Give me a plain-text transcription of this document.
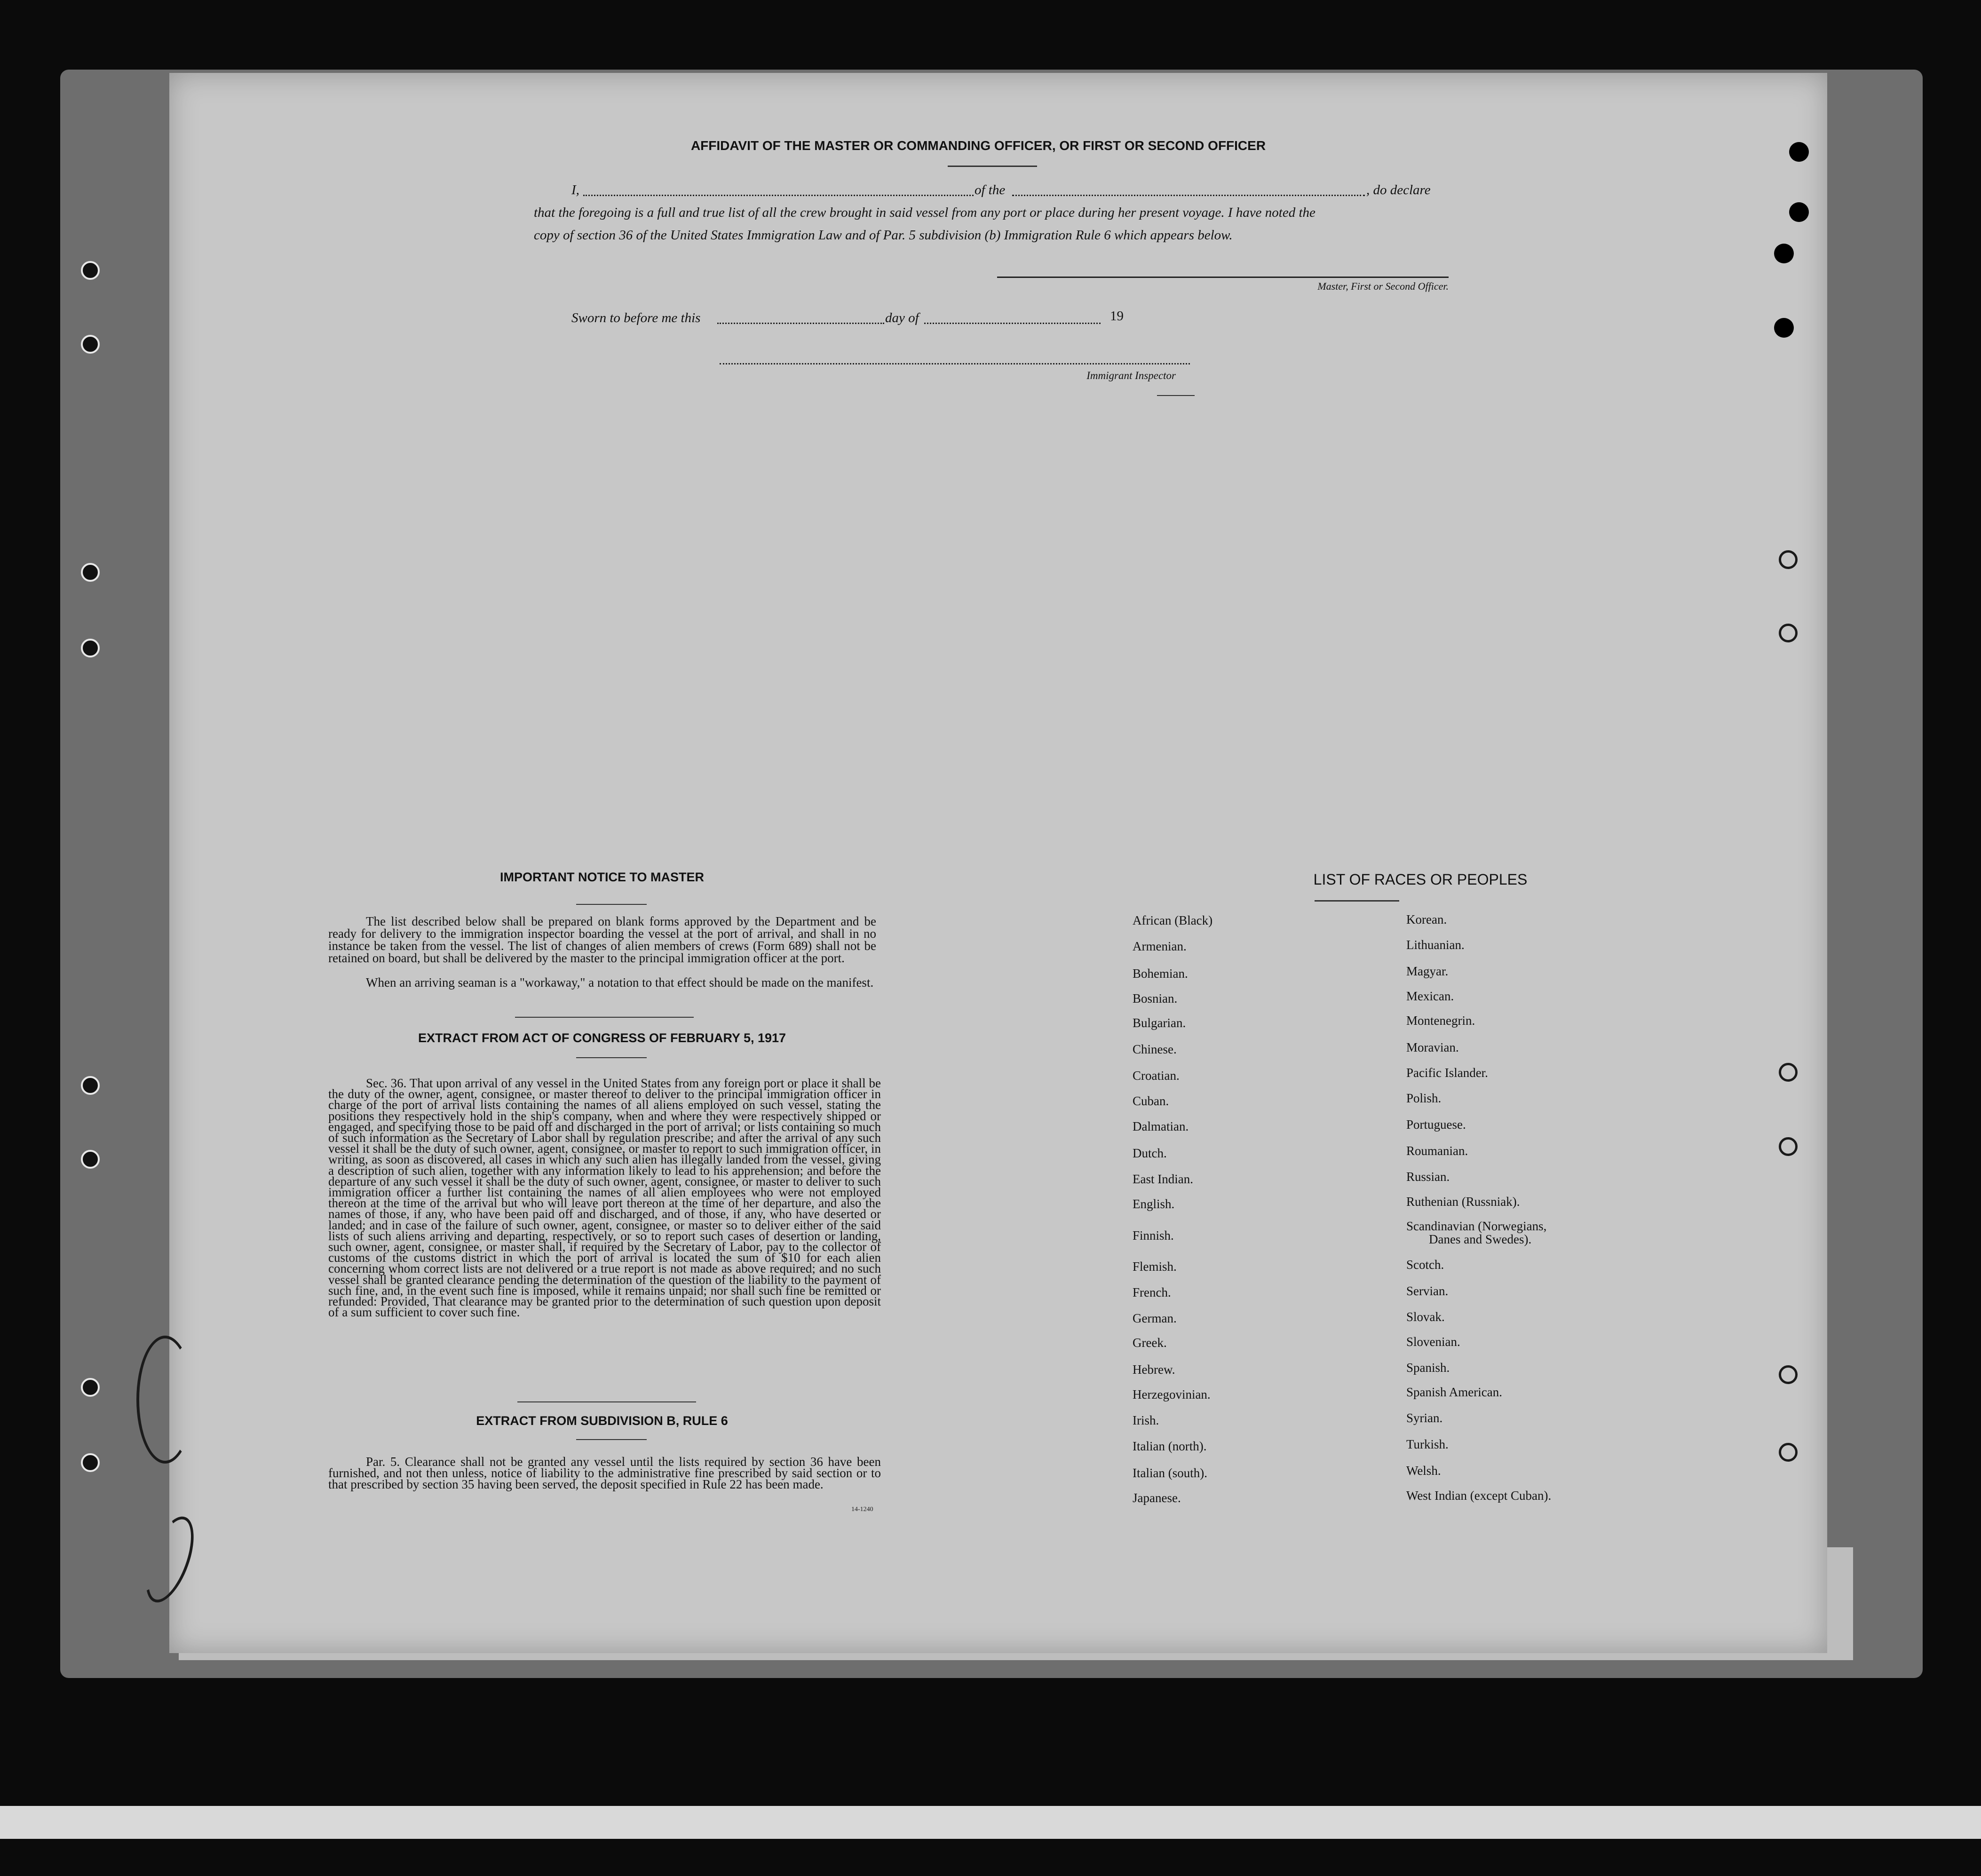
AFFIDAVIT OF THE MASTER OR COMMANDING OFFICER, OR FIRST OR SECOND OFFICER
I,	of the	, do declare
that the foregoing is a full and true list of all the crew brought in said vessel from any port or place during her present voyage. I have noted the
copy of section 36 of the United States Immigration Law and of Par. 5 subdivision (b) Immigration Rule 6 which appears below.
Master, First or Second Officer.
Sworn to before me this	day of	19
Immigrant Inspector
IMPORTANT NOTICE TO MASTER
The list described below shall be prepared on blank forms approved by the Department and be ready for delivery to the immigration inspector boarding the vessel at the port of arrival, and shall in no instance be taken from the vessel. The list of changes of alien members of crews (Form 689) shall not be retained on board, but shall be delivered by the master to the principal immigration officer at the port.
When an arriving seaman is a "workaway," a notation to that effect should be made on the manifest.
EXTRACT FROM ACT OF CONGRESS OF FEBRUARY 5, 1917
Sec. 36. That upon arrival of any vessel in the United States from any foreign port or place it shall be the duty of the owner, agent, consignee, or master thereof to deliver to the principal immigration officer in charge of the port of arrival lists containing the names of all aliens employed on such vessel, stating the positions they respectively hold in the ship's company, when and where they were respectively shipped or engaged, and specifying those to be paid off and discharged in the port of arrival; or lists containing so much of such information as the Secretary of Labor shall by regulation prescribe; and after the arrival of any such vessel it shall be the duty of such owner, agent, consignee, or master to report to such immigration officer, in writing, as soon as discovered, all cases in which any such alien has illegally landed from the vessel, giving a description of such alien, together with any information likely to lead to his apprehension; and before the departure of any such vessel it shall be the duty of such owner, agent, consignee, or master to deliver to such immigration officer a further list containing the names of all alien employees who were not employed thereon at the time of the arrival but who will leave port thereon at the time of her departure, and also the names of those, if any, who have been paid off and discharged, and of those, if any, who have deserted or landed; and in case of the failure of such owner, agent, consignee, or master so to deliver either of the said lists of such aliens arriving and departing, respectively, or so to report such cases of desertion or landing, such owner, agent, consignee, or master shall, if required by the Secretary of Labor, pay to the collector of customs of the customs district in which the port of arrival is located the sum of $10 for each alien concerning whom correct lists are not delivered or a true report is not made as above required; and no such vessel shall be granted clearance pending the determination of the question of the liability to the payment of such fine, and, in the event such fine is imposed, while it remains unpaid; nor shall such fine be remitted or refunded: Provided, That clearance may be granted prior to the determination of such question upon deposit of a sum sufficient to cover such fine.
EXTRACT FROM SUBDIVISION B, RULE 6
Par. 5. Clearance shall not be granted any vessel until the lists required by section 36 have been furnished, and not then unless, notice of liability to the administrative fine prescribed by said section or to that prescribed by section 35 having been served, the deposit specified in Rule 22 has been made.
14-1240
LIST OF RACES OR PEOPLES
African (Black)
Armenian.
Bohemian.
Bosnian.
Bulgarian.
Chinese.
Croatian.
Cuban.
Dalmatian.
Dutch.
East Indian.
English.
Finnish.
Flemish.
French.
German.
Greek.
Hebrew.
Herzegovinian.
Irish.
Italian (north).
Italian (south).
Japanese.
Korean.
Lithuanian.
Magyar.
Mexican.
Montenegrin.
Moravian.
Pacific Islander.
Polish.
Portuguese.
Roumanian.
Russian.
Ruthenian (Russniak).
Scandinavian (Norwegians,
Danes and Swedes).
Scotch.
Servian.
Slovak.
Slovenian.
Spanish.
Spanish American.
Syrian.
Turkish.
Welsh.
West Indian (except Cuban).
